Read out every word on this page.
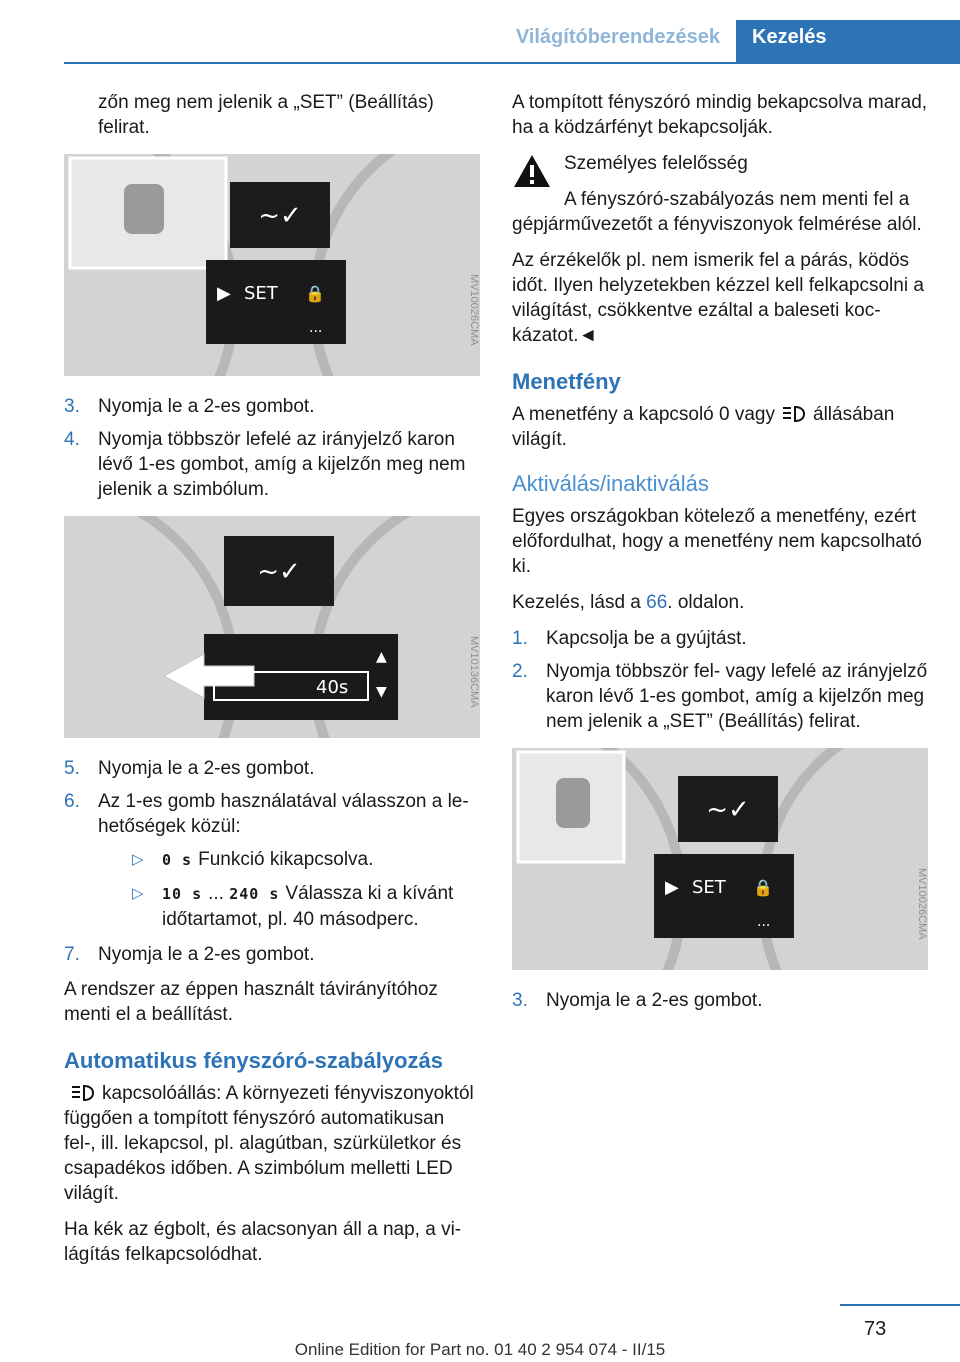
Világítóberendezések	Kezelés

zőn meg nem jelenik a „SET” (Beállítás) felirat.

~✓
▶ SET 🔒
...	MV10026CMA
3. Nyomja le a 2-es gombot.
4. Nyomja többször lefelé az irányjelző karon lévő 1-es gombot, amíg a kijelzőn meg nem jelenik a szimbólum.
~✓
40s
▲
▼	MV10136CMA
5. Nyomja le a 2-es gombot.
6. Az 1-es gomb használatával válasszon a lehetőségek közül:
▷ 0 s Funkció kikapcsolva.
▷ 10 s ... 240 s Válassza ki a kívánt időtartamot, pl. 40 másodperc.
7. Nyomja le a 2-es gombot.

A rendszer az éppen használt távirányítóhoz menti el a beállítást.

Automatikus fényszóró-szabályozás

kapcsolóállás: A környezeti fényviszonyoktól függően a tompított fényszóró automatikusan fel-, ill. lekapcsol, pl. alagútban, szürkületkor és csapadékos időben. A szimbólum melletti LED világít.

Ha kék az égbolt, és alacsonyan áll a nap, a világítás felkapcsolódhat.

A tompított fényszóró mindig bekapcsolva marad, ha a ködzárfényt bekapcsolják.

Személyes felelősség

A fényszóró-szabályozás nem menti fel a gépjárművezetőt a fényviszonyok felmérése alól.

Az érzékelők pl. nem ismerik fel a párás, ködös időt. Ilyen helyzetekben kézzel kell felkapcsolni a világítást, csökkentve ezáltal a baleseti kockázatot.◄

Menetfény

A menetfény a kapcsoló 0 vagy állásában világít.

Aktiválás/inaktiválás

Egyes országokban kötelező a menetfény, ezért előfordulhat, hogy a menetfény nem kapcsolható ki.

Kezelés, lásd a 66. oldalon.

1. Kapcsolja be a gyújtást.
2. Nyomja többször fel- vagy lefelé az irányjelző karon lévő 1-es gombot, amíg a kijelzőn meg nem jelenik a „SET” (Beállítás) felirat.
~✓
▶ SET 🔒
...	MV10026CMA
3. Nyomja le a 2-es gombot.
73
Online Edition for Part no. 01 40 2 954 074 - II/15
